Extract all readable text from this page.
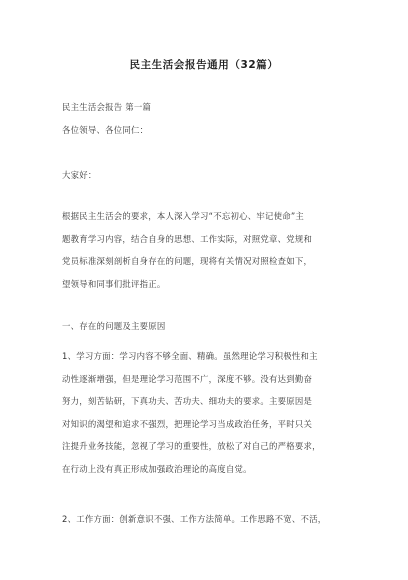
民主生活会报告通用（32篇）
民主生活会报告 第一篇
各位领导、各位同仁：
大家好：
根据民主生活会的要求，本人深入学习“不忘初心、牢记使命”主
题教育学习内容，结合自身的思想、工作实际，对照党章、党规和
党员标准深刻剖析自身存在的问题，现将有关情况对照检查如下，
望领导和同事们批评指正。
一、存在的问题及主要原因
1、学习方面：学习内容不够全面、精确。虽然理论学习积极性和主
动性逐渐增强，但是理论学习范围不广，深度不够。没有达到勤奋
努力，刻苦钻研，下真功夫、苦功夫、细功夫的要求。主要原因是
对知识的渴望和追求不强烈，把理论学习当成政治任务，平时只关
注提升业务技能，忽视了学习的重要性，放松了对自己的严格要求，
在行动上没有真正形成加强政治理论的高度自觉。
2、工作方面：创新意识不强、工作方法简单。工作思路不宽、不活，
